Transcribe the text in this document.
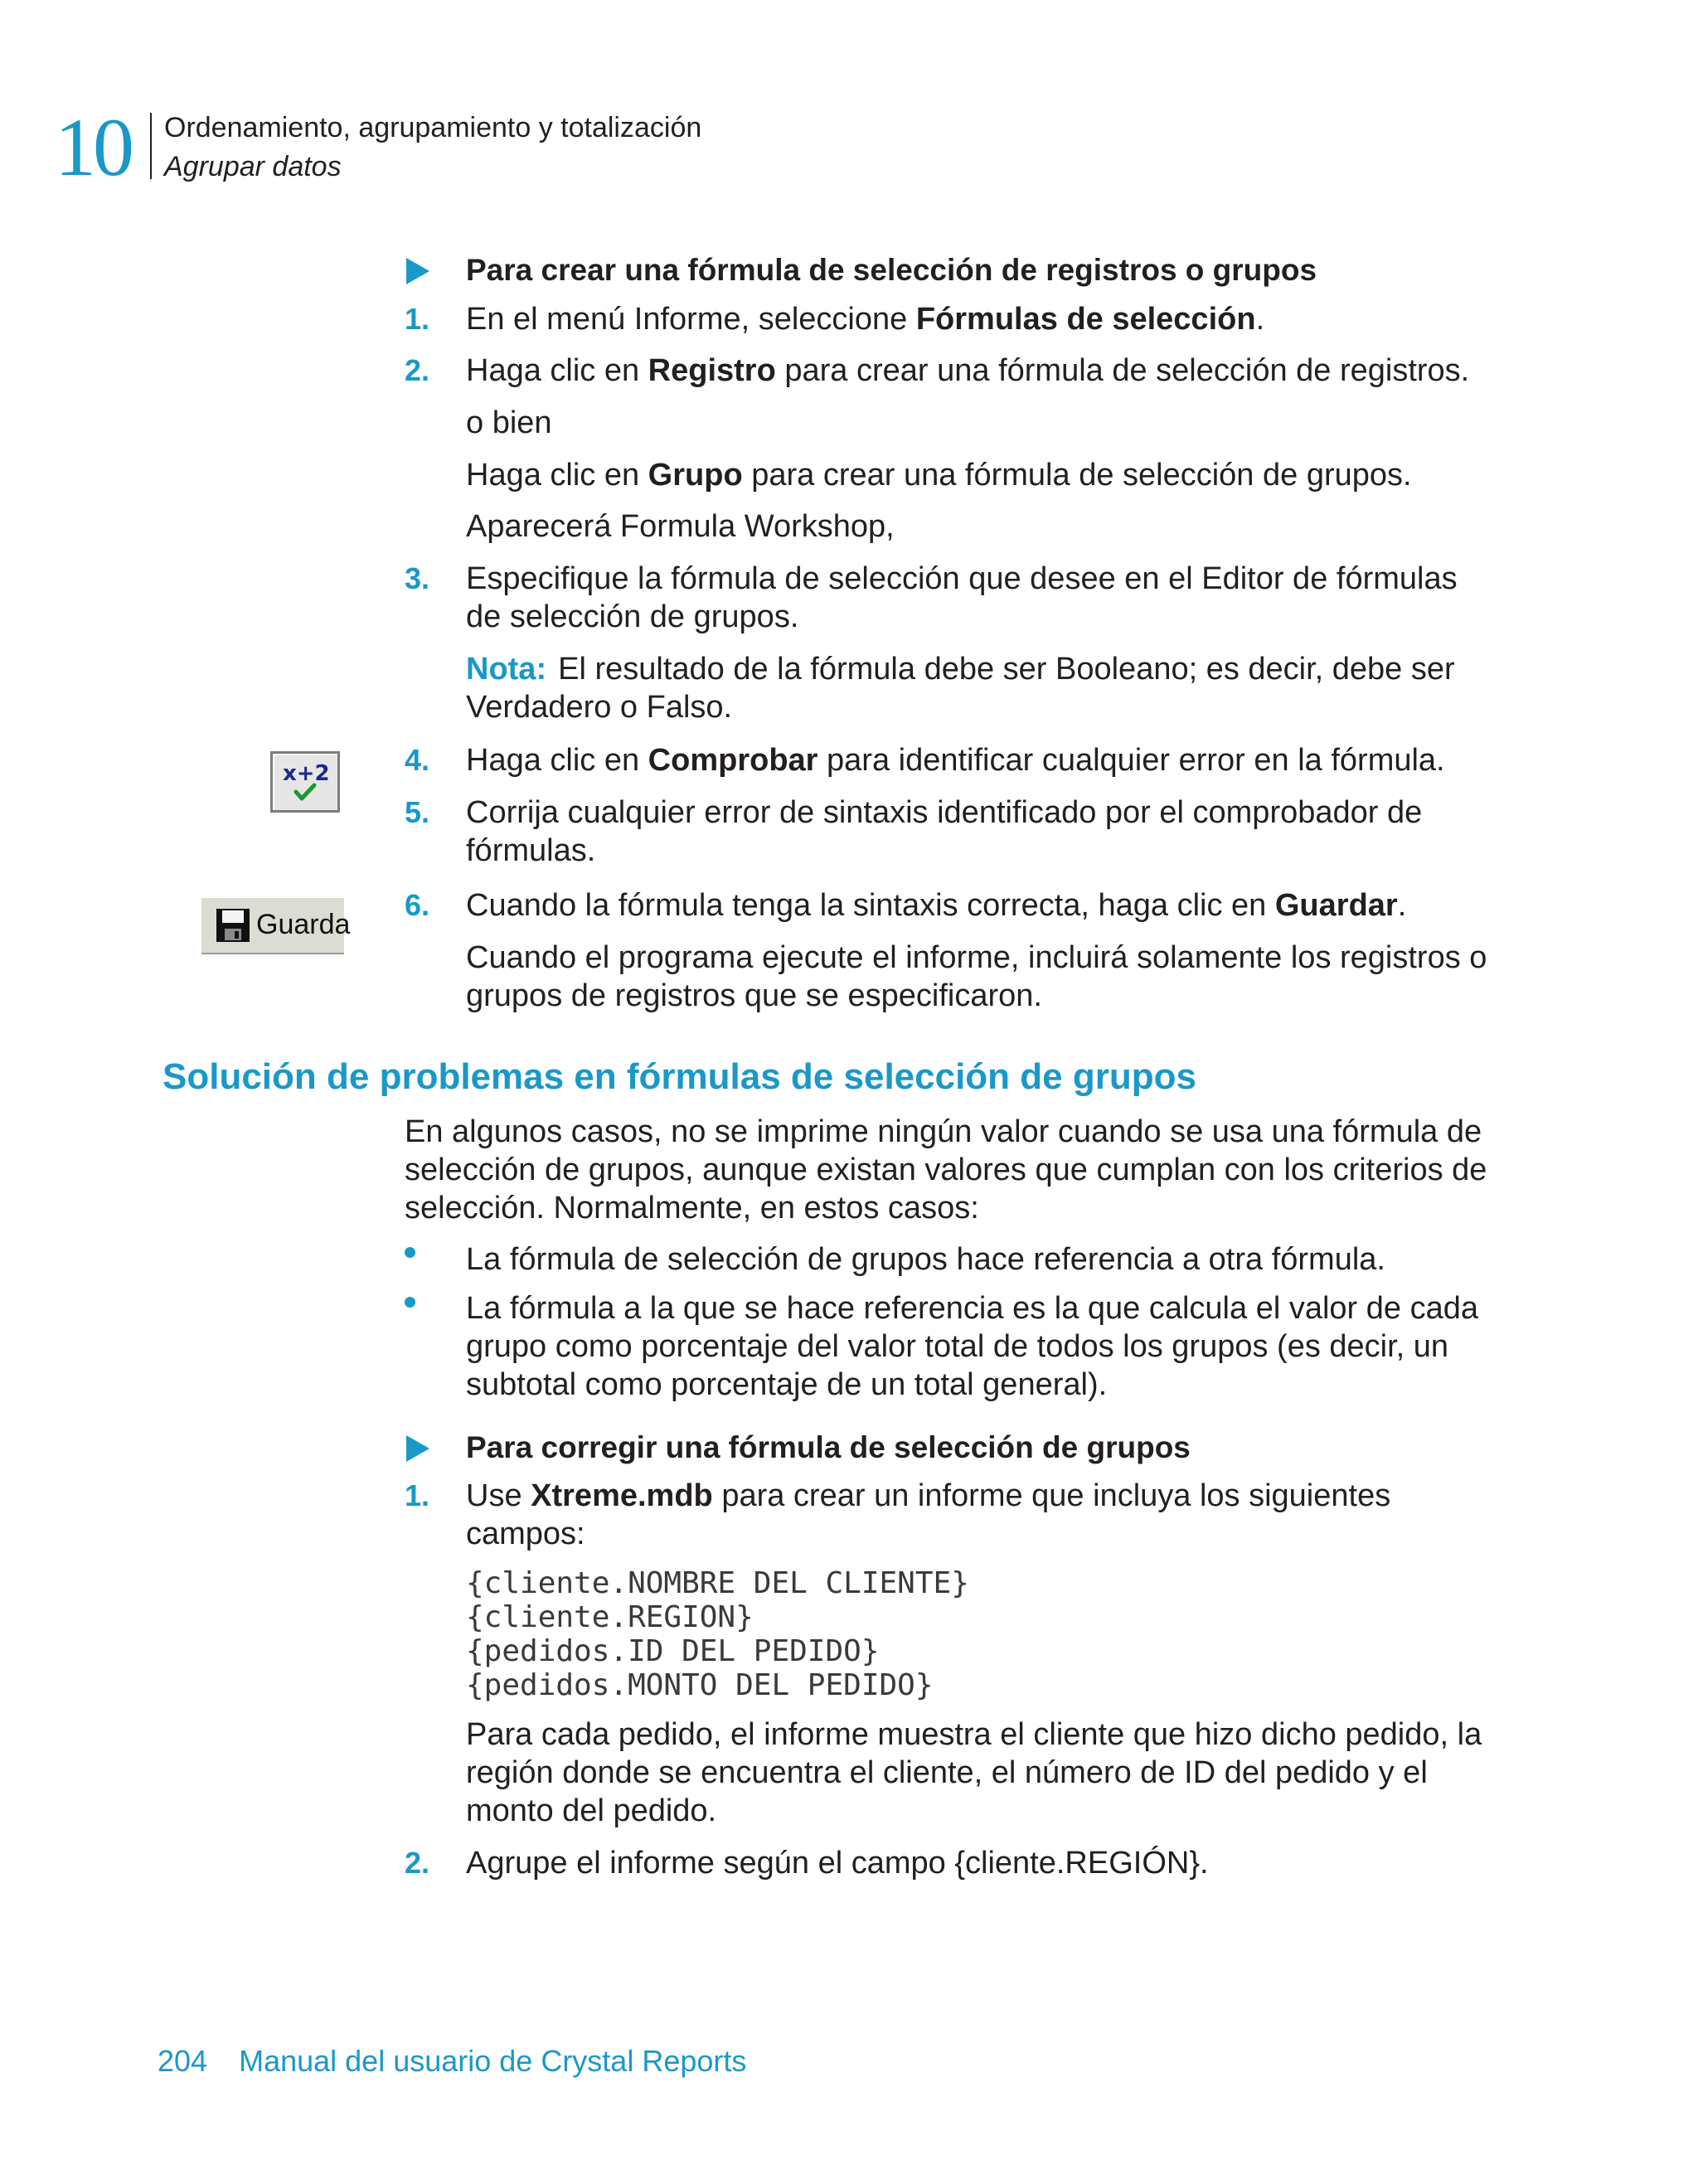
10 Ordenamiento, agrupamiento y totalización
Agrupar datos
Para crear una fórmula de selección de registros o grupos
1. En el menú Informe, seleccione Fórmulas de selección.
2. Haga clic en Registro para crear una fórmula de selección de registros.
o bien
Haga clic en Grupo para crear una fórmula de selección de grupos.
Aparecerá Formula Workshop,
3. Especifique la fórmula de selección que desee en el Editor de fórmulas de selección de grupos.
Nota: El resultado de la fórmula debe ser Booleano; es decir, debe ser Verdadero o Falso.
x+2	4. Haga clic en Comprobar para identificar cualquier error en la fórmula.
5. Corrija cualquier error de sintaxis identificado por el comprobador de fórmulas.
Guarda
6. Cuando la fórmula tenga la sintaxis correcta, haga clic en Guardar.
Cuando el programa ejecute el informe, incluirá solamente los registros o grupos de registros que se especificaron.
Solución de problemas en fórmulas de selección de grupos
En algunos casos, no se imprime ningún valor cuando se usa una fórmula de selección de grupos, aunque existan valores que cumplan con los criterios de selección. Normalmente, en estos casos:
La fórmula de selección de grupos hace referencia a otra fórmula.
La fórmula a la que se hace referencia es la que calcula el valor de cada grupo como porcentaje del valor total de todos los grupos (es decir, un subtotal como porcentaje de un total general).
Para corregir una fórmula de selección de grupos
1. Use Xtreme.mdb para crear un informe que incluya los siguientes campos:
{cliente.NOMBRE DEL CLIENTE}
{cliente.REGION}
{pedidos.ID DEL PEDIDO}
{pedidos.MONTO DEL PEDIDO}
Para cada pedido, el informe muestra el cliente que hizo dicho pedido, la región donde se encuentra el cliente, el número de ID del pedido y el monto del pedido.
2. Agrupe el informe según el campo {cliente.REGIÓN}.
204 Manual del usuario de Crystal Reports
